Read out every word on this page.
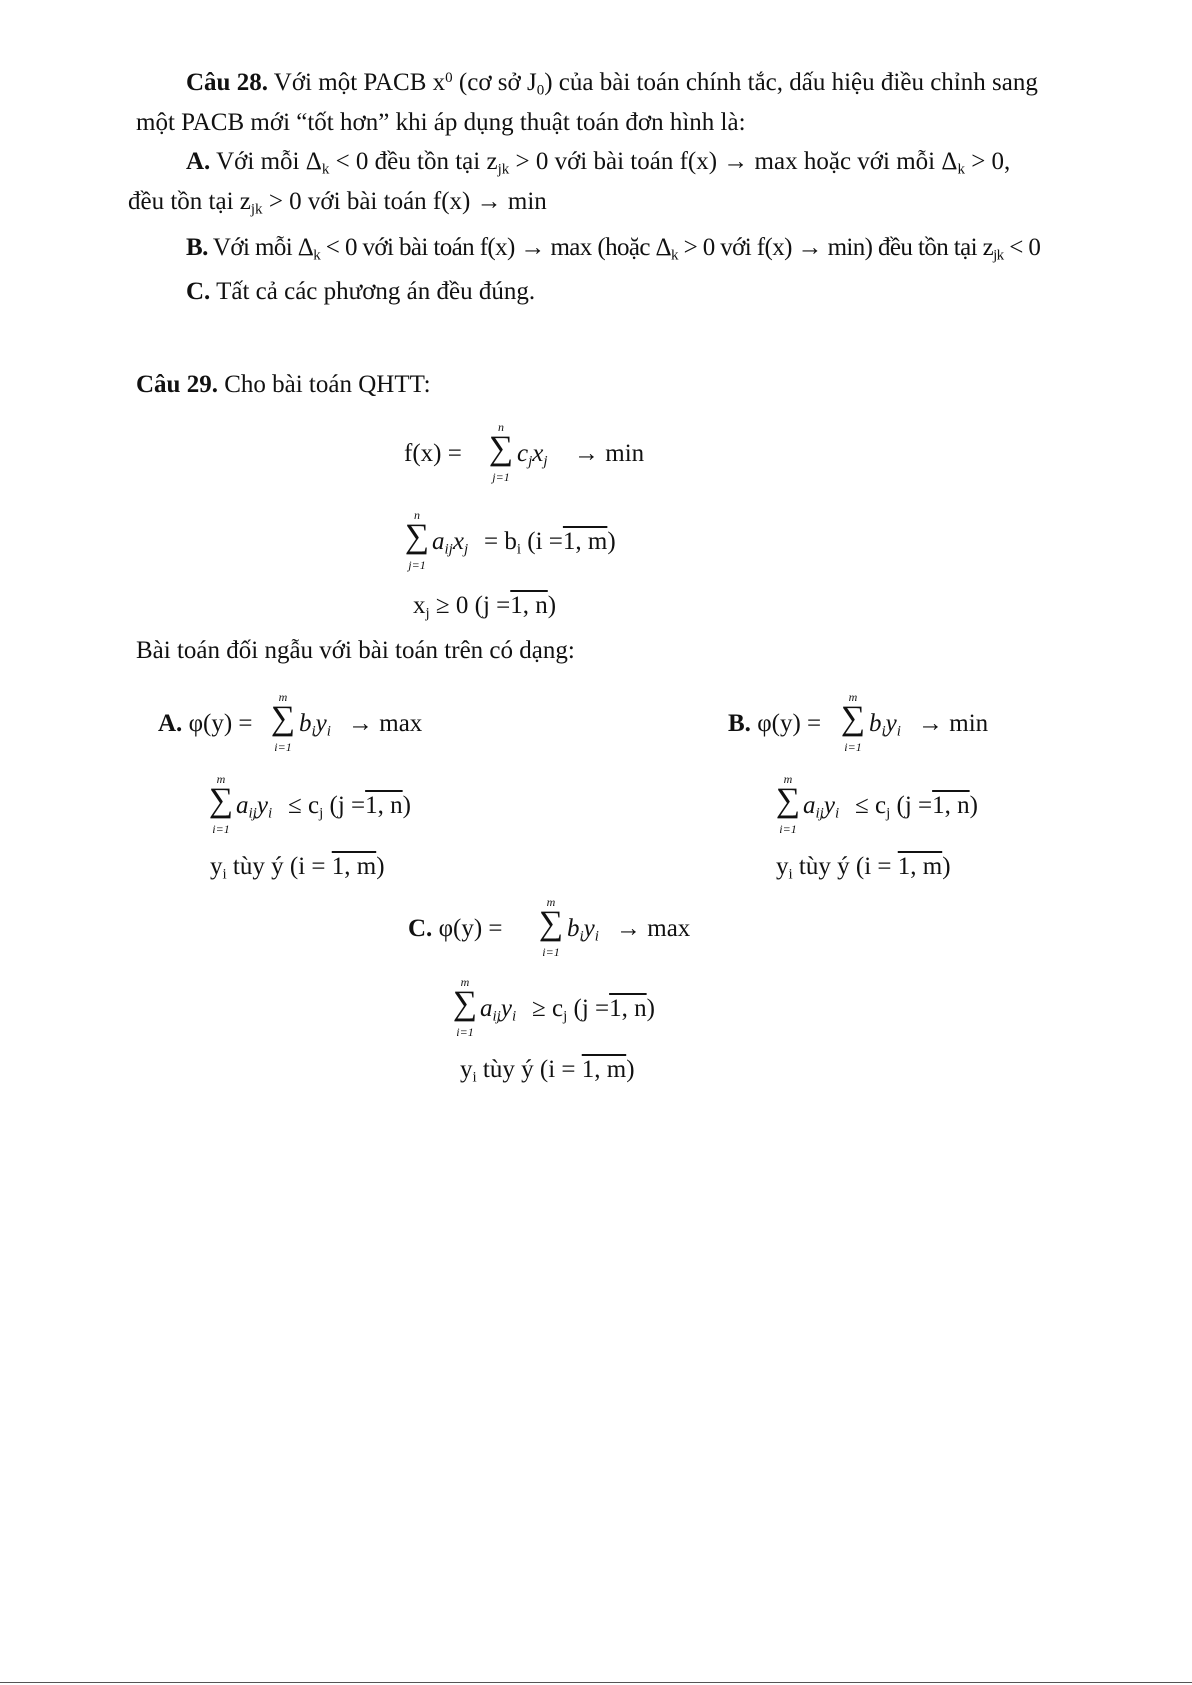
Câu 28. Với một PACB $x^0$ (cơ sở $J_0$) của bài toán chính tắc, dấu hiệu điều chỉnh sang
một PACB mới “tốt hơn” khi áp dụng thuật toán đơn hình là:
A. Với mỗi $\Delta_k < 0$ đều tồn tại $z_{jk} > 0$ với bài toán f(x) → max hoặc với mỗi $\Delta_k > 0$,
đều tồn tại $z_{jk} > 0$ với bài toán f(x) → min
B. Với mỗi $\Delta_k < 0$ với bài toán f(x) → max (hoặc $\Delta_k > 0$ với f(x) → min) đều tồn tại $z_{jk} < 0$
C. Tất cả các phương án đều đúng.
Câu 29. Cho bài toán QHTT:
f(x) =
n
∑
j=1
$c_jx_j \to \min$
n
∑
j=1
$a_{ij}x_j = b_i$ (i =1, m)
$x_j \ge 0$ (j =1, n)
Bài toán đối ngẫu với bài toán trên có dạng:
A. φ(y) =
m
∑
i=1
$b_iy_i \to \max$
m
∑
i=1
$a_{ij}y_i \le c_j$ (j =1, n)
$y_i$ tùy ý (i = 1, m)
B. φ(y) =
m
∑
i=1
$b_iy_i \to \min$
m
∑
i=1
$a_{ij}y_i \le c_j$ (j =1, n)
$y_i$ tùy ý (i = 1, m)
C. φ(y) =
m
∑
i=1
$b_iy_i \to \max$
m
∑
i=1
$a_{ij}y_i \ge c_j$ (j =1, n)
$y_i$ tùy ý (i = 1, m)
